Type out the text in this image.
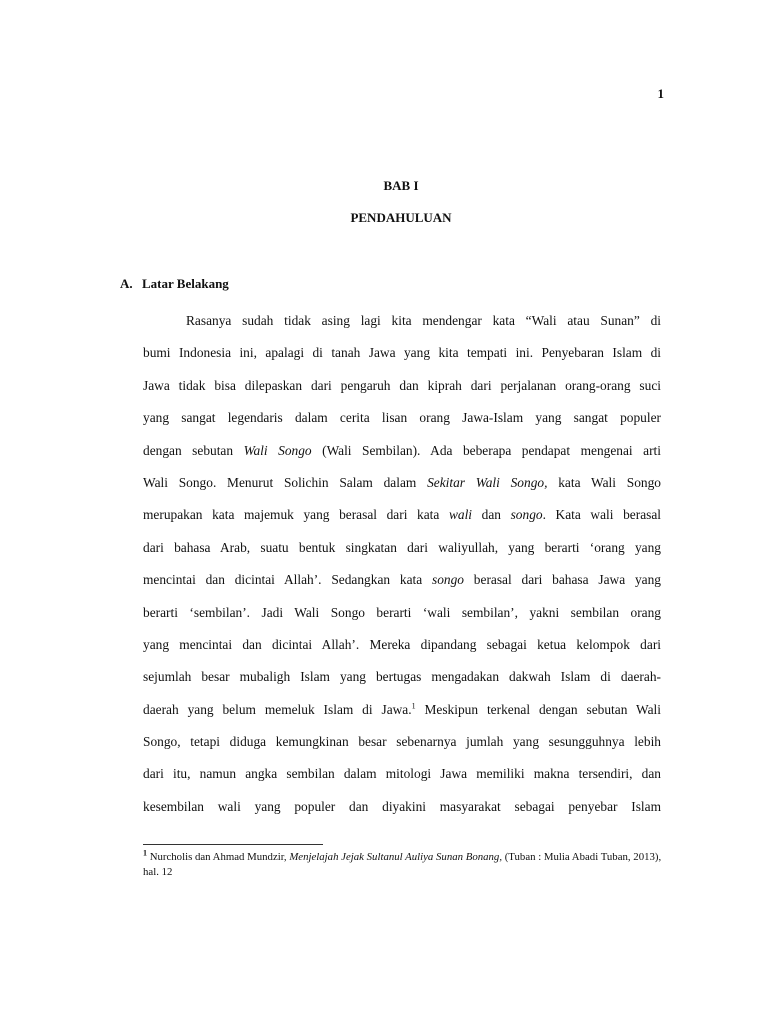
1
BAB I
PENDAHULUAN
A. Latar Belakang
Rasanya sudah tidak asing lagi kita mendengar kata “Wali atau Sunan” di
bumi Indonesia ini, apalagi di tanah Jawa yang kita tempati ini. Penyebaran Islam di
Jawa tidak bisa dilepaskan dari pengaruh dan kiprah dari perjalanan orang-orang suci
yang sangat legendaris dalam cerita lisan orang Jawa-Islam yang sangat populer
dengan sebutan Wali Songo (Wali Sembilan). Ada beberapa pendapat mengenai arti
Wali Songo. Menurut Solichin Salam dalam Sekitar Wali Songo, kata Wali Songo
merupakan kata majemuk yang berasal dari kata wali dan songo. Kata wali berasal
dari bahasa Arab, suatu bentuk singkatan dari waliyullah, yang berarti ‘orang yang
mencintai dan dicintai Allah’. Sedangkan kata songo berasal dari bahasa Jawa yang
berarti ‘sembilan’. Jadi Wali Songo berarti ‘wali sembilan’, yakni sembilan orang
yang mencintai dan dicintai Allah’. Mereka dipandang sebagai ketua kelompok dari
sejumlah besar mubaligh Islam yang bertugas mengadakan dakwah Islam di daerah-
daerah yang belum memeluk Islam di Jawa.$^1$ Meskipun terkenal dengan sebutan Wali
Songo, tetapi diduga kemungkinan besar sebenarnya jumlah yang sesungguhnya lebih
dari itu, namun angka sembilan dalam mitologi Jawa memiliki makna tersendiri, dan
kesembilan wali yang populer dan diyakini masyarakat sebagai penyebar Islam
$^1$ Nurcholis dan Ahmad Mundzir, Menjelajah Jejak Sultanul Auliya Sunan Bonang, (Tuban : Mulia Abadi Tuban, 2013), hal. 12
